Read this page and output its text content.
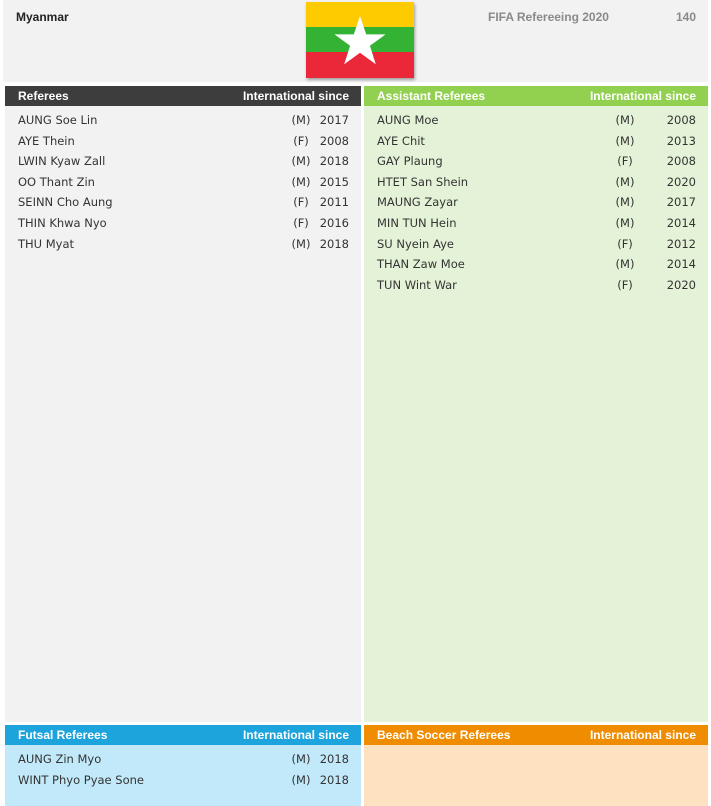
Myanmar	FIFA Refereeing 2020	140
Referees	International since
AUNG Soe Lin	(M) 2017
AYE Thein	(F) 2008
LWIN Kyaw Zall	(M) 2018
OO Thant Zin	(M) 2015
SEINN Cho Aung	(F) 2011
THIN Khwa Nyo	(F) 2016
THU Myat	(M) 2018
Assistant Referees	International since
AUNG Moe	(M)	2008
AYE Chit	(M)	2013
GAY Plaung	(F)	2008
HTET San Shein	(M)	2020
MAUNG Zayar	(M)	2017
MIN TUN Hein	(M)	2014
SU Nyein Aye	(F)	2012
THAN Zaw Moe	(M)	2014
TUN Wint War	(F)	2020
Futsal Referees	International since
AUNG Zin Myo	(M) 2018
WINT Phyo Pyae Sone	(M) 2018
Beach Soccer Referees	International since
